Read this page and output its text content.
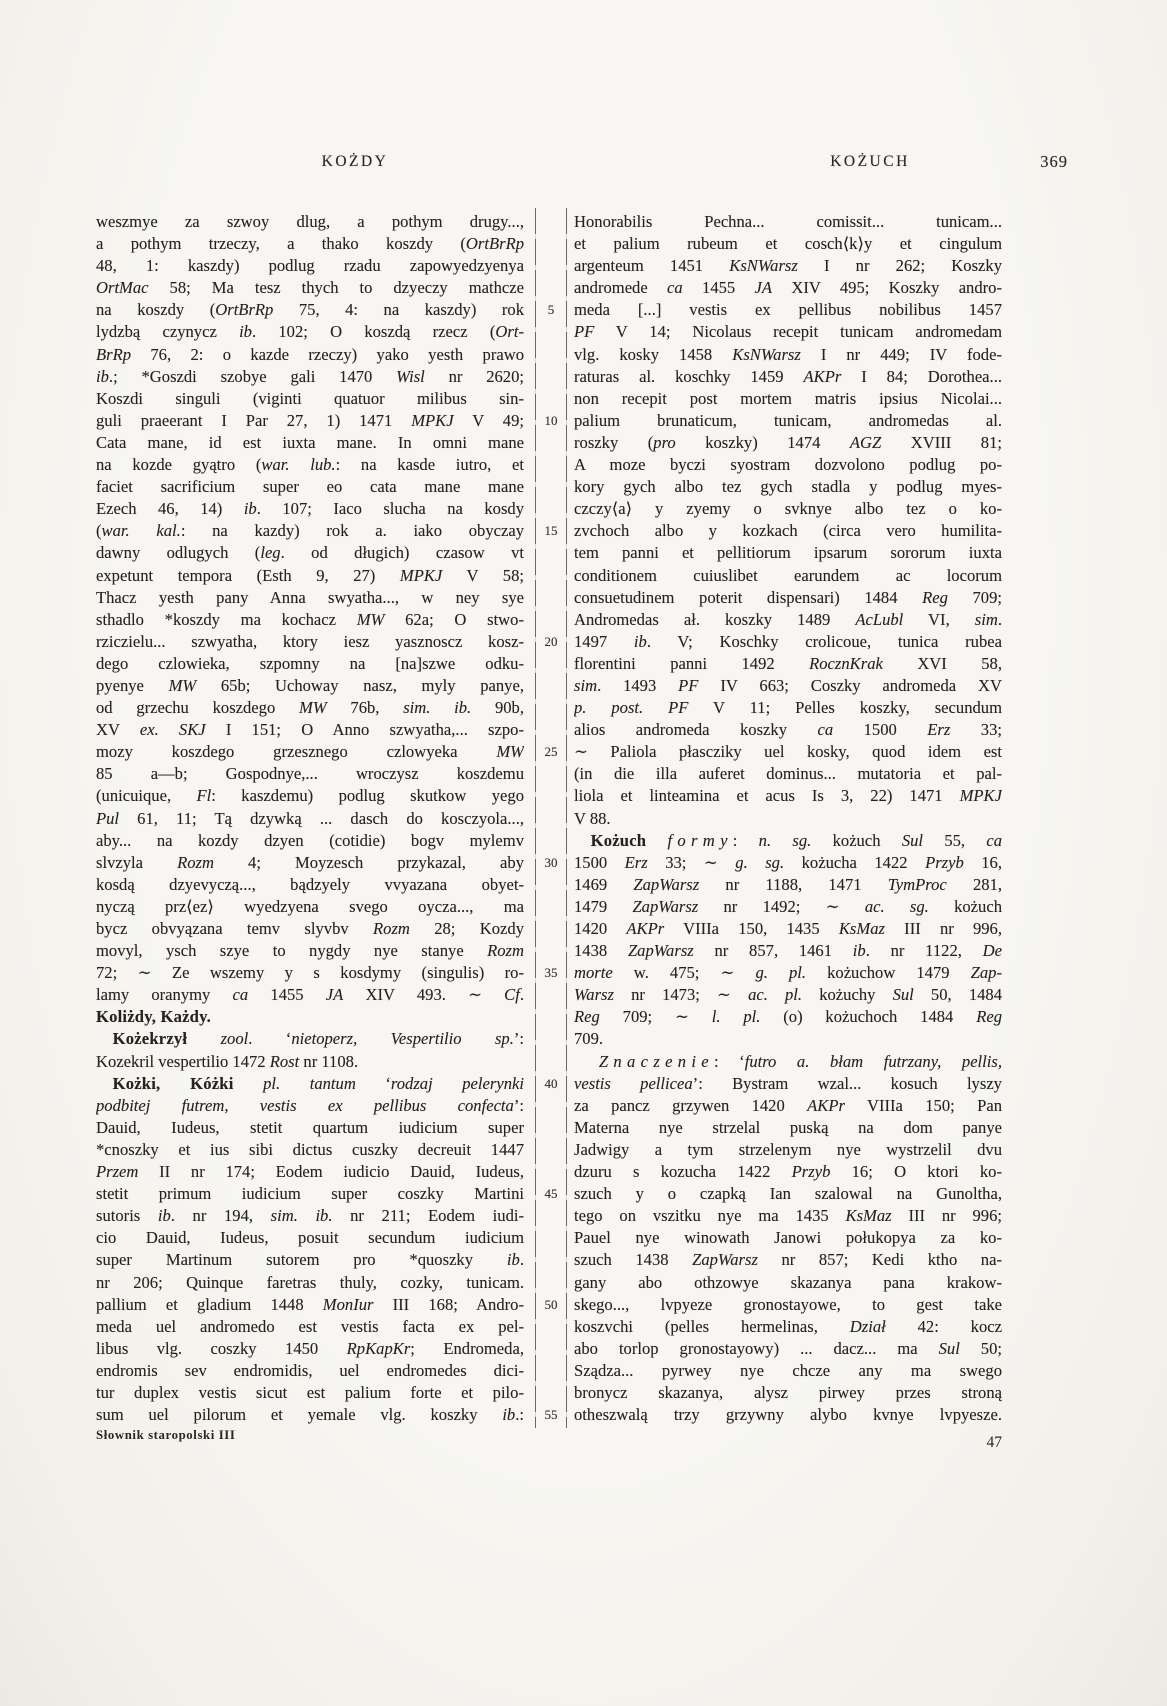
KOŻDY	KOŻUCH	369
weszmye za szwoy dlug, a pothym drugy...,
a pothym trzeczy, a thako koszdy (OrtBrRp
48, 1: kaszdy) podlug rzadu zapowyedzyenya
OrtMac 58; Ma tesz thych to dzyeczy mathcze
na koszdy (OrtBrRp 75, 4: na kaszdy) rok
lydzbą czynycz ib. 102; O koszdą rzecz (Ort-
BrRp 76, 2: o kazde rzeczy) yako yesth prawo
ib.; *Goszdi szobye gali 1470 Wisl nr 2620;
Koszdi singuli (viginti quatuor milibus sin-
guli praeerant I Par 27, 1) 1471 MPKJ V 49;
Cata mane, id est iuxta mane. In omni mane
na kozde gyątro (war. lub.: na kasde iutro, et
faciet sacrificium super eo cata mane mane
Ezech 46, 14) ib. 107; Iaco slucha na kosdy
(war. kal.: na kazdy) rok a. iako obyczay
dawny odlugych (leg. od długich) czasow vt
expetunt tempora (Esth 9, 27) MPKJ V 58;
Thacz yesth pany Anna swyatha..., w ney sye
sthadlo *koszdy ma kochacz MW 62a; O stwo-
rziczielu... szwyatha, ktory iesz yasznoscz kosz-
dego czlowieka, szpomny na [na]szwe odku-
pyenye MW 65b; Uchoway nasz, myly panye,
od grzechu koszdego MW 76b, sim. ib. 90b,
XV ex. SKJ I 151; O Anno szwyatha,... szpo-
mozy koszdego grzesznego czlowyeka MW
85 a—b; Gospodnye,... wroczysz koszdemu
(unicuique, Fl: kaszdemu) podlug skutkow yego
Pul 61, 11; Tą dzywką ... dasch do kosczyola...,
aby... na kozdy dzyen (cotidie) bogv mylemv
slvzyla Rozm 4; Moyzesch przykazal, aby
kosdą dzyevyczą..., bądzyely vvyazana obyet-
nyczą prz⟨ez⟩ wyedzyena svego oycza..., ma
bycz obvyązana temv slyvbv Rozm 28; Kozdy
movyl, ysch szye to nygdy nye stanye Rozm
72; ∼ Ze wszemy y s kosdymy (singulis) ro-
lamy oranymy ca 1455 JA XIV 493. ∼ Cf.
Koliżdy, Każdy.
 Kożekrzył zool. ‘nietoperz, Vespertilio sp.’:
Kozekril vespertilio 1472 Rost nr 1108.
 Kożki, Kóżki pl. tantum ‘rodzaj pelerynki
podbitej futrem, vestis ex pellibus confecta’:
Dauid, Iudeus, stetit quartum iudicium super
*cnoszky et ius sibi dictus cuszky decreuit 1447
Przem II nr 174; Eodem iudicio Dauid, Iudeus,
stetit primum iudicium super coszky Martini
sutoris ib. nr 194, sim. ib. nr 211; Eodem iudi-
cio Dauid, Iudeus, posuit secundum iudicium
super Martinum sutorem pro *quoszky ib.
nr 206; Quinque faretras thuly, cozky, tunicam.
pallium et gladium 1448 MonIur III 168; Andro-
meda uel andromedo est vestis facta ex pel-
libus vlg. coszky 1450 RpKapKr; Endromeda,
endromis sev endromidis, uel endromedes dici-
tur duplex vestis sicut est palium forte et pilo-
sum uel pilorum et yemale vlg. koszky ib.:
5
10
15
20
25
30
35
40
45
50
55
Honorabilis Pechna... comissit... tunicam...
et palium rubeum et cosch⟨k⟩y et cingulum
argenteum 1451 KsNWarsz I nr 262; Koszky
andromede ca 1455 JA XIV 495; Koszky andro-
meda [...] vestis ex pellibus nobilibus 1457
PF V 14; Nicolaus recepit tunicam andromedam
vlg. kosky 1458 KsNWarsz I nr 449; IV fode-
raturas al. koschky 1459 AKPr I 84; Dorothea...
non recepit post mortem matris ipsius Nicolai...
palium brunaticum, tunicam, andromedas al.
roszky (pro koszky) 1474 AGZ XVIII 81;
A moze byczi syostram dozvolono podlug po-
kory gych albo tez gych stadla y podlug myes-
czczy⟨a⟩ y zyemy o svknye albo tez o ko-
zvchoch albo y kozkach (circa vero humilita-
tem panni et pellitiorum ipsarum sororum iuxta
conditionem cuiuslibet earundem ac locorum
consuetudinem poterit dispensari) 1484 Reg 709;
Andromedas ał. koszky 1489 AcLubl VI, sim.
1497 ib. V; Koschky crolicoue, tunica rubea
florentini panni 1492 RocznKrak XVI 58,
sim. 1493 PF IV 663; Coszky andromeda XV
p. post. PF V 11; Pelles koszky, secundum
alios andromeda koszky ca 1500 Erz 33;
∼ Paliola płascziky uel kosky, quod idem est
(in die illa auferet dominus... mutatoria et pal-
liola et linteamina et acus Is 3, 22) 1471 MPKJ
V 88.
 Kożuch formy: n. sg. kożuch Sul 55, ca
1500 Erz 33; ∼ g. sg. kożucha 1422 Przyb 16,
1469 ZapWarsz nr 1188, 1471 TymProc 281,
1479 ZapWarsz nr 1492; ∼ ac. sg. kożuch
1420 AKPr VIIIa 150, 1435 KsMaz III nr 996,
1438 ZapWarsz nr 857, 1461 ib. nr 1122, De
morte w. 475; ∼ g. pl. kożuchow 1479 Zap-
Warsz nr 1473; ∼ ac. pl. kożuchy Sul 50, 1484
Reg 709; ∼ l. pl. (o) kożuchoch 1484 Reg
709.
  Znaczenie: ‘futro a. błam futrzany, pellis,
vestis pellicea’: Bystram wzal... kosuch lyszy
za pancz grzywen 1420 AKPr VIIIa 150; Pan
Materna nye strzelal puską na dom panye
Jadwigy a tym strzelenym nye wystrzelil dvu
dzuru s kozucha 1422 Przyb 16; O ktori ko-
szuch y o czapką Ian szalowal na Gunoltha,
tego on vszitku nye ma 1435 KsMaz III nr 996;
Pauel nye winowath Janowi połukopya za ko-
szuch 1438 ZapWarsz nr 857; Kedi ktho na-
gany abo othzowye skazanya pana krakow-
skego..., lvpyeze gronostayowe, to gest take
koszvchi (pelles hermelinas, Dział 42: kocz
abo torlop gronostayowy) ... dacz... ma Sul 50;
Sządza... pyrwey nye chcze any ma swego
bronycz skazanya, alysz pirwey przes stroną
otheszwalą trzy grzywny alybo kvnye lvpyesze.
Słownik staropolski III	47
